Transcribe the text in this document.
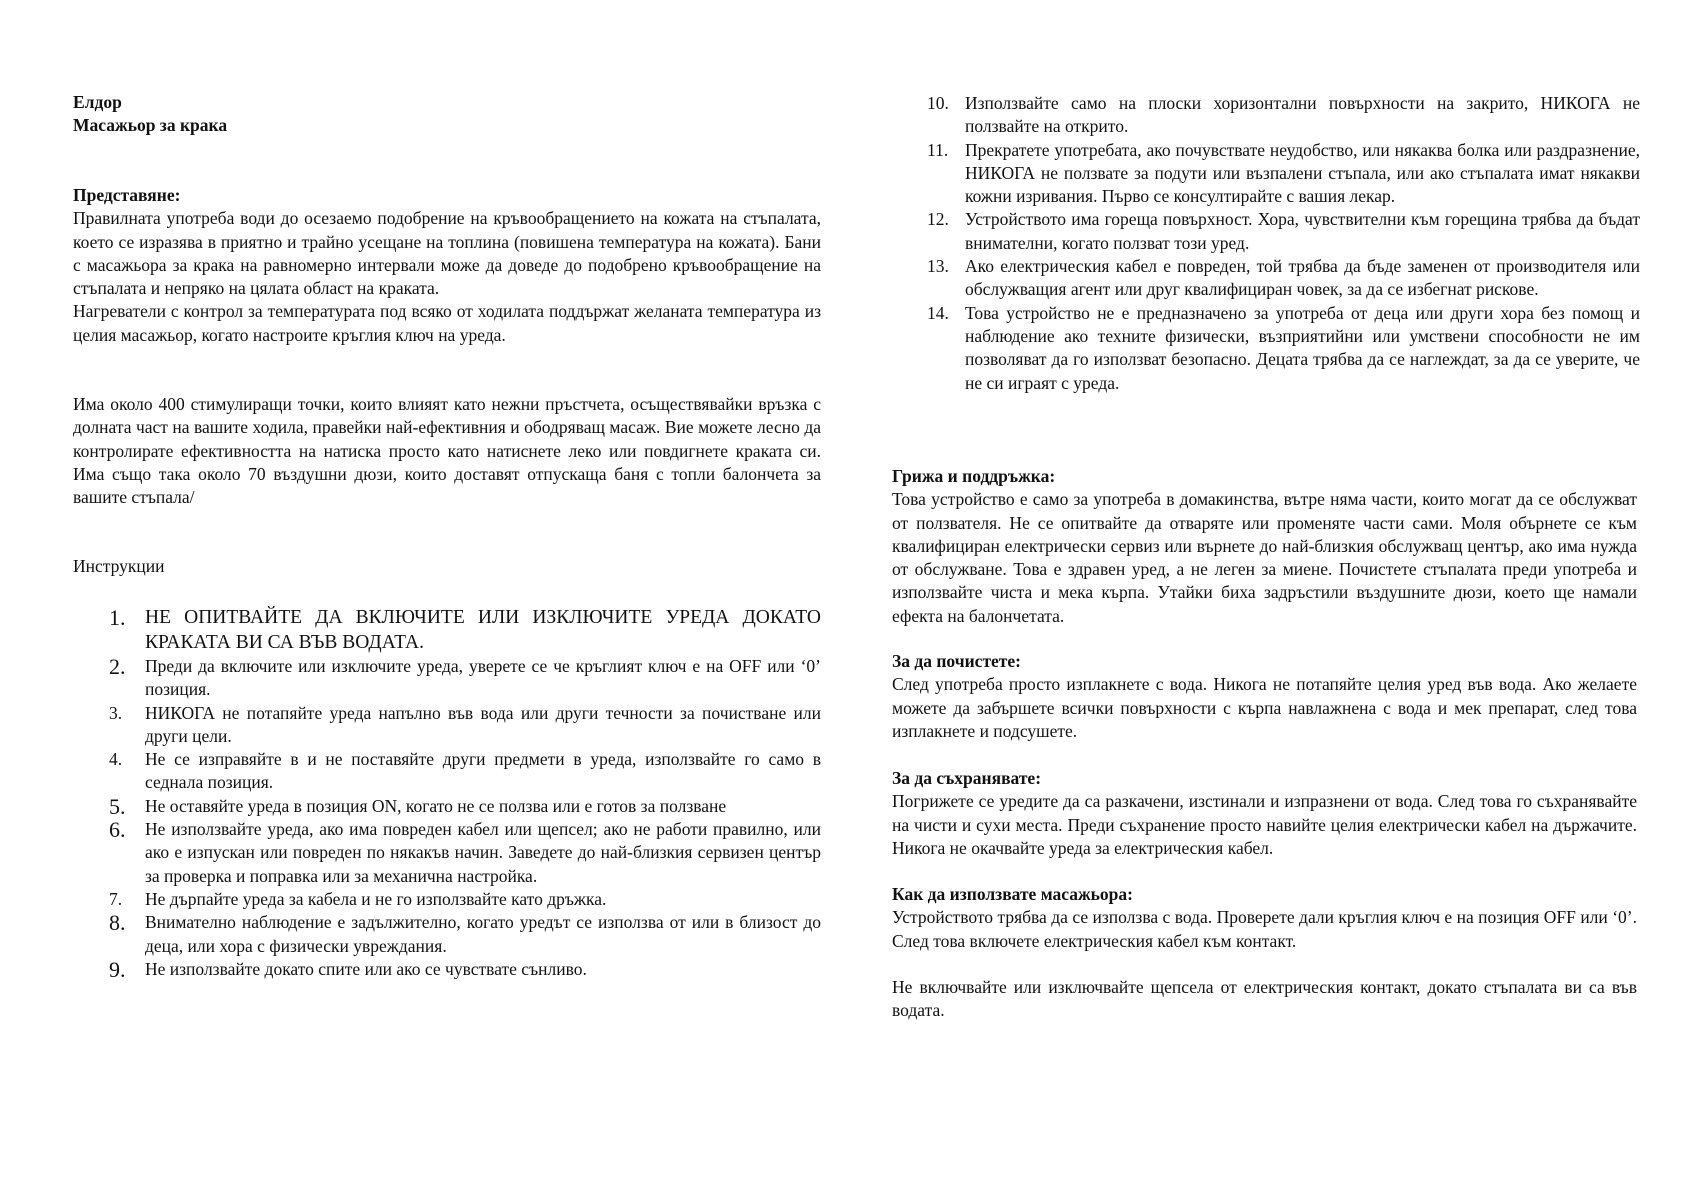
Елдор

Масажьор за крака

Представяне:

Правилната употреба води до осезаемо подобрение на кръвообращението на кожата на стъпалата, което се изразява в приятно и трайно усещане на топлина (повишена температура на кожата). Бани с масажьора за крака на равномерно интервали може да доведе до подобрено кръвообращение на стъпалата и непряко на цялата област на краката.

Нагреватели с контрол за температурата под всяко от ходилата поддържат желаната температура из целия масажьор, когато настроите кръглия ключ на уреда.

Има около 400 стимулиращи точки, които влияят като нежни пръстчета, осъществявайки връзка с долната част на вашите ходила, правейки най-ефективния и ободряващ масаж. Вие можете лесно да контролирате ефективността на натиска просто като натиснете леко или повдигнете краката си. Има също така около 70 въздушни дюзи, които доставят отпускаща баня с топли балончета за вашите стъпала/
Инструкции
1. НЕ ОПИТВАЙТЕ ДА ВКЛЮЧИТЕ ИЛИ ИЗКЛЮЧИТЕ УРЕДА ДОКАТО КРАКАТА ВИ СА ВЪВ ВОДАТА.
2. Преди да включите или изключите уреда, уверете се че кръглият ключ е на OFF или ‘0’ позиция.
3. НИКОГА не потапяйте уреда напълно във вода или други течности за почистване или други цели.
4. Не се изправяйте в и не поставяйте други предмети в уреда, използвайте го само в седнала позиция.
5. Не оставяйте уреда в позиция ON, когато не се ползва или е готов за ползване
6. Не използвайте уреда, ако има повреден кабел или щепсел; ако не работи правилно, или ако е изпускан или повреден по някакъв начин. Заведете до най-близкия сервизен център за проверка и поправка или за механична настройка.
7. Не дърпайте уреда за кабела и не го използвайте като дръжка.
8. Внимателно наблюдение е задължително, когато уредът се използва от или в близост до деца, или хора с физически увреждания.
9. Не използвайте докато спите или ако се чувствате сънливо.
10. Използвайте само на плоски хоризонтални повърхности на закрито, НИКОГА не ползвайте на открито.
11. Прекратете употребата, ако почувствате неудобство, или някаква болка или раздразнение, НИКОГА не ползвате за подути или възпалени стъпала, или ако стъпалата имат някакви кожни изривания. Първо се консултирайте с вашия лекар.
12. Устройството има гореща повърхност. Хора, чувствителни към горещина трябва да бъдат внимателни, когато ползват този уред.
13. Ако електрическия кабел е повреден, той трябва да бъде заменен от производителя или обслужващия агент или друг квалифициран човек, за да се избегнат рискове.
14. Това устройство не е предназначено за употреба от деца или други хора без помощ и наблюдение ако техните физически, възприятийни или умствени способности не им позволяват да го използват безопасно. Децата трябва да се наглеждат, за да се уверите, че не си играят с уреда.

Грижа и поддръжка:

Това устройство е само за употреба в домакинства, вътре няма части, които могат да се обслужват от ползвателя. Не се опитвайте да отваряте или променяте части сами. Моля обърнете се към квалифициран електрически сервиз или върнете до най-близкия обслужващ център, ако има нужда от обслужване. Това е здравен уред, а не леген за миене. Почистете стъпалата преди употреба и използвайте чиста и мека кърпа. Утайки биха задръстили въздушните дюзи, което ще намали ефекта на балончетата.

За да почистете:

След употреба просто изплакнете с вода. Никога не потапяйте целия уред във вода. Ако желаете можете да забършете всички повърхности с кърпа навлажнена с вода и мек препарат, след това изплакнете и подсушете.

За да съхранявате:

Погрижете се уредите да са разкачени, изстинали и изпразнени от вода. След това го съхранявайте на чисти и сухи места. Преди съхранение просто навийте целия електрически кабел на държачите. Никога не окачвайте уреда за електрическия кабел.

Как да използвате масажьора:

Устройството трябва да се използва с вода. Проверете дали кръглия ключ е на позиция OFF или ‘0’. След това включете електрическия кабел към контакт.

Не включвайте или изключвайте щепсела от електрическия контакт, докато стъпалата ви са във водата.
